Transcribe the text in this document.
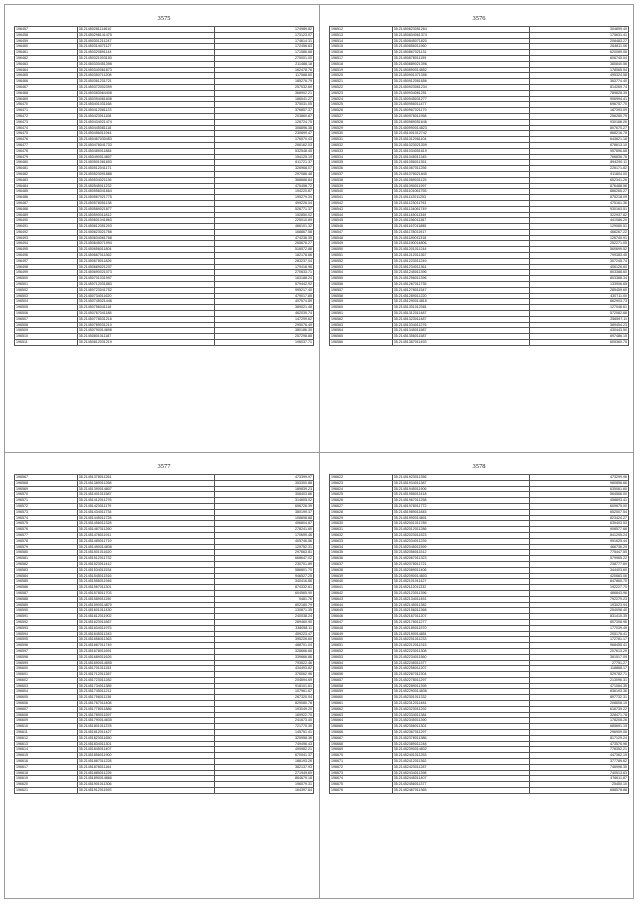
3575
196457	35.21450281114610	174989.82
196458	35.21450298141475	173123.07
196459	35.21450301211247	174614.31
196460	35.21450314071127	172456.63
196461	35.21450320891144	171586.68
196462	35.21450321003150	270001.00
196463	35.21450330451398	211488.18
196464	35.21450340061873	162478.76
196465	35.21450350711208	117588.60
196466	35.21450361231721	185276.79
196467	35.21450372002399	257032.69
196468	35.21450383064408	368902.21
196469	35.21450394081608	186041.27
196470	35.21450401031168	375031.05
196471	35.21450412081123	376857.37
196472	35.21450423011108	203860.87
196473	35.21450434021474	126724.75
196474	35.21450445081118	306896.38
196475	35.21450456011944	230899.47
196476	35.21450467030453	176070.43
196477	35.21450478041733	266162.03
196478	35.21450489011884	532548.45
196479	35.21450490014807	154125.19
196480	35.21450501061653	611721.37
196481	35.21450512041171	326968.07
196482	35.21450523091888	297086.48
196483	35.21450534021136	368688.84
196484	35.21450545011232	475458.72
196485	35.21450556041664	194220.87
196486	35.21450567021775	195279.34
196487	35.21450578051138	499226.04
196488	35.21450589021877	526771.37
196489	35.21450590011812	152850.02
196490	35.21450601041863	225010.89
196491	35.21450612051203	466101.32
196492	35.21450623021766	168867.58
196493	35.21450634061768	474236.39
196494	35.21450645071994	265676.27
196495	35.21450656011804	516572.88
196496	35.21450667011362	182178.66
196497	35.21450678011826	283237.04
196498	35.21450689021237	179418.96
196499	35.21450690021073	270633.71
196500	35.21450701031997	163188.24
196501	35.21450712031883	579442.92
196502	35.21450723041752	995217.40
196503	35.21450734011620	479017.85
196504	35.21450745021446	407574.89
196505	35.21450756041118	389021.48
196506	35.21450767041188	462039.74
196507	35.21450778031216	147299.62
196508	35.21450789031210	295076.49
196509	35.21450790014898	380186.30
196510	35.21450801011187	257298.88
196511	35.21450812031219	196037.71
3576
196512	35.21450823051264	304899.40
196513	35.21450834061374	175631.41
196514	35.21450845071820	208483.27
196515	35.21450856011960	264811.06
196516	35.21450867021131	620089.06
196517	35.21450878011159	606745.04
196518	35.21450889021396	380840.56
196519	35.21450890014852	178065.94
196520	35.21450901071396	495324.58
196521	35.21450912061656	363774.40
196522	35.21450923061234	814269.74
196523	35.21450934061251	789828.35
196524	35.21450945031277	906994.41
196525	35.21450956011477	696757.70
196526	35.21450967021179	187393.09
196527	35.21450978011958	256280.79
196528	35.21450989051646	930186.26
196529	35.21450990014823	807670.27
196530	35.21451001012742	868216.78
196531	35.21451012061104	643621.18
196532	35.21451023021309	878613.10
196533	35.21451034051619	957896.68
196534	35.21451045011345	766836.76
196535	35.21451056011351	894290.11
196536	35.21451067011256	226171.82
196537	35.21451078021845	911804.00
196538	35.21451089031125	652341.26
196539	35.21451090011997	876488.56
196540	35.21451101061755	886265.27
196541	35.21451112011253	875218.09
196542	35.21451123011793	475161.36
196543	35.21451134061749	930163.51
196544	35.21451145011349	322937.82
196545	35.21451156011387	441086.20
196546	35.21451167011885	129080.51
196547	35.21451178011917	466267.22
196548	35.21451189011318	126740.91
196549	35.21451190014806	252271.05
196550	35.21451201011244	560699.52
196551	35.21451212011367	799383.45
196552	35.21451223011249	307245.74
196553	35.21451234011361	406126.60
196554	35.21451245011396	803388.60
196555	35.21451256011396	803388.34
196556	35.21451267011735	133906.65
196557	35.21451278011547	285459.60
196558	35.21451289011220	430711.00
196559	35.21451290014815	862903.73
196560	35.21451301012081	127046.61
196561	35.21451312011487	572082.68
196562	35.21451323011487	256597.11
196563	35.21451334011276	389454.23
196564	35.21451345011587	430443.50
196565	35.21451356011587	697486.15
196566	35.21451367011493	605360.75
3577
196567	35.21451378011261	473399.97
196568	35.21451389011268	353300.88
196569	35.21451390014807	189839.23
196570	35.21451401011587	308403.86
196571	35.21451412011276	314605.02
196572	35.21451423011179	656726.39
196573	35.21451434011734	380199.37
196574	35.21451445011728	108698.88
196575	35.21451456011328	496804.87
196576	35.21451467011260	278241.60
196577	35.21451478011911	170699.46
196578	35.21451489011719	405746.56
196579	35.21451490014836	129752.31
196580	35.21451501011620	297663.81
196581	35.21451512011732	668647.02
196582	35.21451523011412	230701.89
196583	35.21451534011534	586801.70
196584	35.21451545011516	946527.25
196585	35.21451556011946	340416.86
196586	35.21451567011301	874332.61
196587	35.21451578011703	604565.90
196588	35.21451589011190	9481.76
196589	35.21451590014870	802180.79
196590	35.21451601011430	130871.35
196591	35.21451612011902	240038.24
196592	35.21451623011867	289460.90
196593	35.21451634011975	338058.11
196594	35.21451645011343	459223.47
196595	35.21451656011363	395226.60
196596	35.21451667011749	488701.04
196597	35.21451678011691	326666.66
196598	35.21451689011626	339666.86
196599	35.21451690014895	793522.46
196600	35.21451701011153	434493.82
196601	35.21451712011367	376062.96
196602	35.21451723011282	204694.69
196603	35.21451734011385	918101.61
196604	35.21451745011211	107961.67
196605	35.21451756011136	287320.04
196606	35.21451767011408	829080.78
196607	35.21451778011886	193049.20
196608	35.21451789011597	169922.70
196609	35.21451790014835	241673.40
196610	35.21451801011378	721770.30
196611	35.21451812011427	145751.41
196612	35.21451823011650	325958.36
196613	35.21451834011301	749496.43
196614	35.21451845011407	499982.21
196615	35.21451856011900	670041.37
196616	35.21451867011228	186193.26
196617	35.21451878011164	382137.93
196618	35.21451889011226	271949.60
196619	35.21451890014866	864679.18
196620	35.21451901011306	196079.31
196621	35.21451912011593	164397.84
3578
196622	35.21451923011356	473299.96
196623	35.21451934011387	980856.66
196624	35.21451945011906	635061.60
196625	35.21451956011418	564566.00
196626	35.21451967011258	458893.41
196627	35.21451978011772	609675.00
196628	35.21451989011845	652007.54
196629	35.21451990014801	823424.27
196630	35.21452001011789	639403.53
196631	35.21452012011286	908577.68
196632	35.21452023011523	841205.24
196633	35.21452034011239	991625.44
196634	35.21452045011599	466736.29
196635	35.21452056011512	775447.55
196636	35.21452067011323	579965.22
196637	35.21452078011721	238777.69
196638	35.21452089011406	344403.60
196639	35.21452090014803	420683.06
196640	35.21452101011427	847860.70
196641	35.21452112011332	192227.70
196642	35.21452123011396	466843.96
196643	35.21452134011451	792279.23
196644	35.21452145011382	193023.94
196645	35.21452156011368	254098.40
196646	35.21452167011207	831415.35
196647	35.21452178011277	807308.96
196648	35.21452189011570	177039.49
196649	35.21452190014851	205176.41
196650	35.21452201011233	172781.17
196651	35.21452212011315	968455.41
196652	35.21452223011308	207613.29
196653	35.21452234011560	381517.09
196654	35.21452245011377	27751.27
196655	35.21452256011207	118868.17
196656	35.21452267011304	529782.71
196657	35.21452278011297	213096.31
196658	35.21452289011395	471084.35
196659	35.21452290014836	836193.36
196660	35.21452301011332	897732.31
196661	35.21452312011481	208608.15
196662	35.21452323011292	616739.22
196663	35.21452334011384	328471.78
196664	35.21452345011390	178208.26
196665	35.21452356011301	685691.15
196666	35.21452367011297	296909.06
196667	35.21452378011386	817129.24
196668	35.21452389011248	473576.96
196669	35.21452390014832	778352.21
196670	35.21452401011253	447362.19
196671	35.21452412011362	377789.62
196672	35.21452423011287	746996.35
196673	35.21452434011398	740513.63
196674	35.21452445011407	476611.87
196675	35.21452456011377	25450.10
196676	35.21452467011365	658578.88
